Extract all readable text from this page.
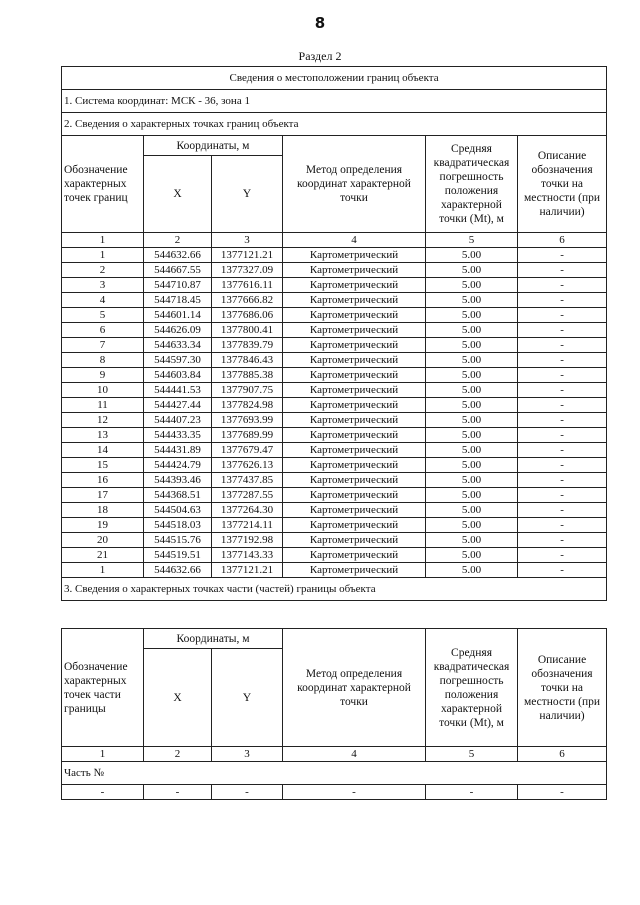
8
Раздел 2
Сведения о местоположении границ объекта					
1. Система координат: МСК - 36, зона 1					
2. Сведения о характерных точках границ объекта					
Обозначение характерных точек границ	Координаты, м		Метод определения координат характерной точки	Средняя квадратическая погрешность положения характерной точки (Mt), м	Описание обозначения точки на местности (при наличии)
	X	Y			
1	2	3	4	5	6
1	544632.66	1377121.21	Картометрический	5.00	-
2	544667.55	1377327.09	Картометрический	5.00	-
3	544710.87	1377616.11	Картометрический	5.00	-
4	544718.45	1377666.82	Картометрический	5.00	-
5	544601.14	1377686.06	Картометрический	5.00	-
6	544626.09	1377800.41	Картометрический	5.00	-
7	544633.34	1377839.79	Картометрический	5.00	-
8	544597.30	1377846.43	Картометрический	5.00	-
9	544603.84	1377885.38	Картометрический	5.00	-
10	544441.53	1377907.75	Картометрический	5.00	-
11	544427.44	1377824.98	Картометрический	5.00	-
12	544407.23	1377693.99	Картометрический	5.00	-
13	544433.35	1377689.99	Картометрический	5.00	-
14	544431.89	1377679.47	Картометрический	5.00	-
15	544424.79	1377626.13	Картометрический	5.00	-
16	544393.46	1377437.85	Картометрический	5.00	-
17	544368.51	1377287.55	Картометрический	5.00	-
18	544504.63	1377264.30	Картометрический	5.00	-
19	544518.03	1377214.11	Картометрический	5.00	-
20	544515.76	1377192.98	Картометрический	5.00	-
21	544519.51	1377143.33	Картометрический	5.00	-
1	544632.66	1377121.21	Картометрический	5.00	-
3. Сведения о характерных точках части (частей) границы объекта					
Обозначение характерных точек части границы	Координаты, м		Метод определения координат характерной точки	Средняя квадратическая погрешность положения характерной точки (Mt), м	Описание обозначения точки на местности (при наличии)
	X	Y			
1	2	3	4	5	6
Часть №					
-	-	-	-	-	-
